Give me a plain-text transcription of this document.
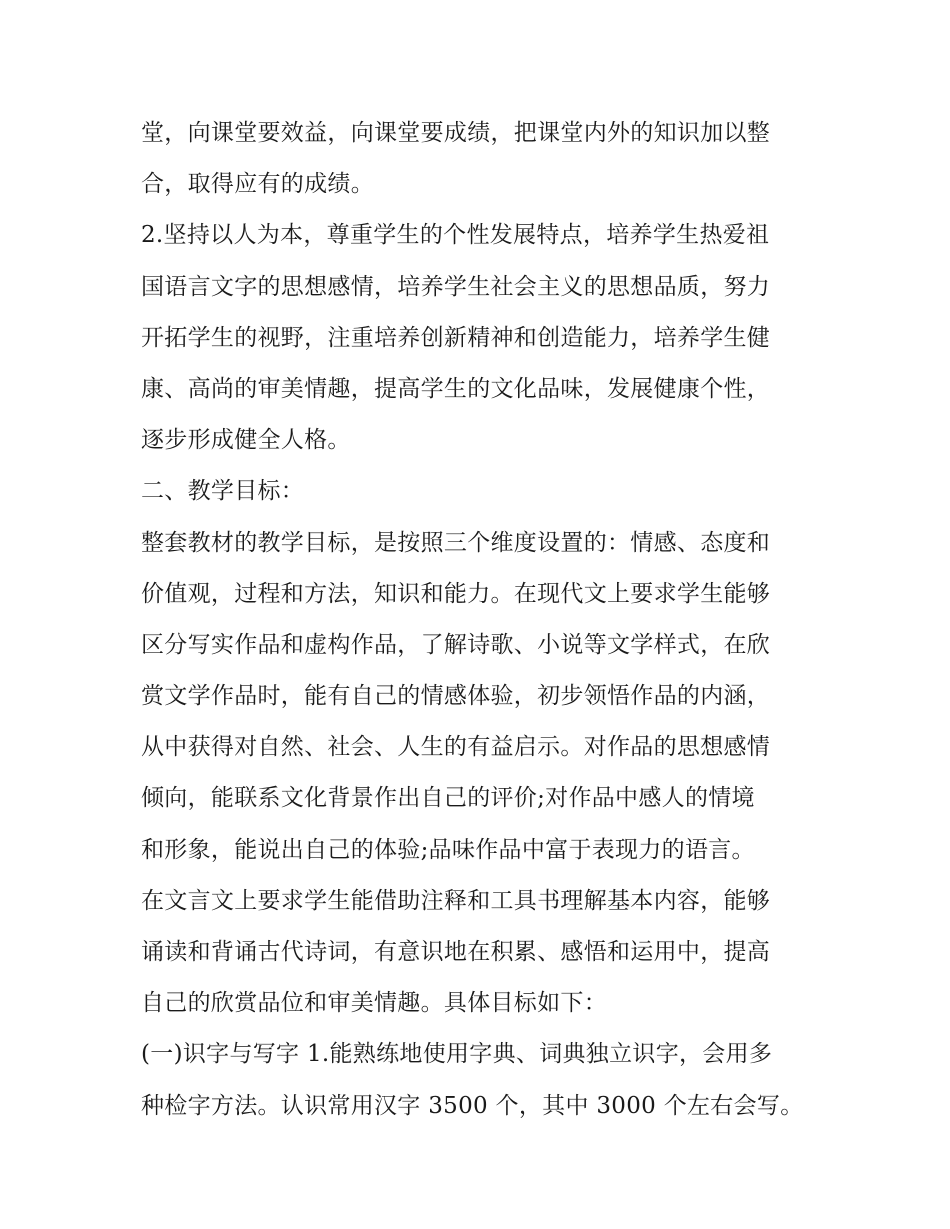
堂，向课堂要效益，向课堂要成绩，把课堂内外的知识加以整
合，取得应有的成绩。
2.坚持以人为本，尊重学生的个性发展特点，培养学生热爱祖
国语言文字的思想感情，培养学生社会主义的思想品质，努力
开拓学生的视野，注重培养创新精神和创造能力，培养学生健
康、高尚的审美情趣，提高学生的文化品味，发展健康个性，
逐步形成健全人格。
二、教学目标：
整套教材的教学目标，是按照三个维度设置的：情感、态度和
价值观，过程和方法，知识和能力。在现代文上要求学生能够
区分写实作品和虚构作品，了解诗歌、小说等文学样式，在欣
赏文学作品时，能有自己的情感体验，初步领悟作品的内涵，
从中获得对自然、社会、人生的有益启示。对作品的思想感情
倾向，能联系文化背景作出自己的评价;对作品中感人的情境
和形象，能说出自己的体验;品味作品中富于表现力的语言。
在文言文上要求学生能借助注释和工具书理解基本内容，能够
诵读和背诵古代诗词，有意识地在积累、感悟和运用中，提高
自己的欣赏品位和审美情趣。具体目标如下：
(一)识字与写字 1.能熟练地使用字典、词典独立识字，会用多
种检字方法。认识常用汉字 3500 个，其中 3000 个左右会写。
